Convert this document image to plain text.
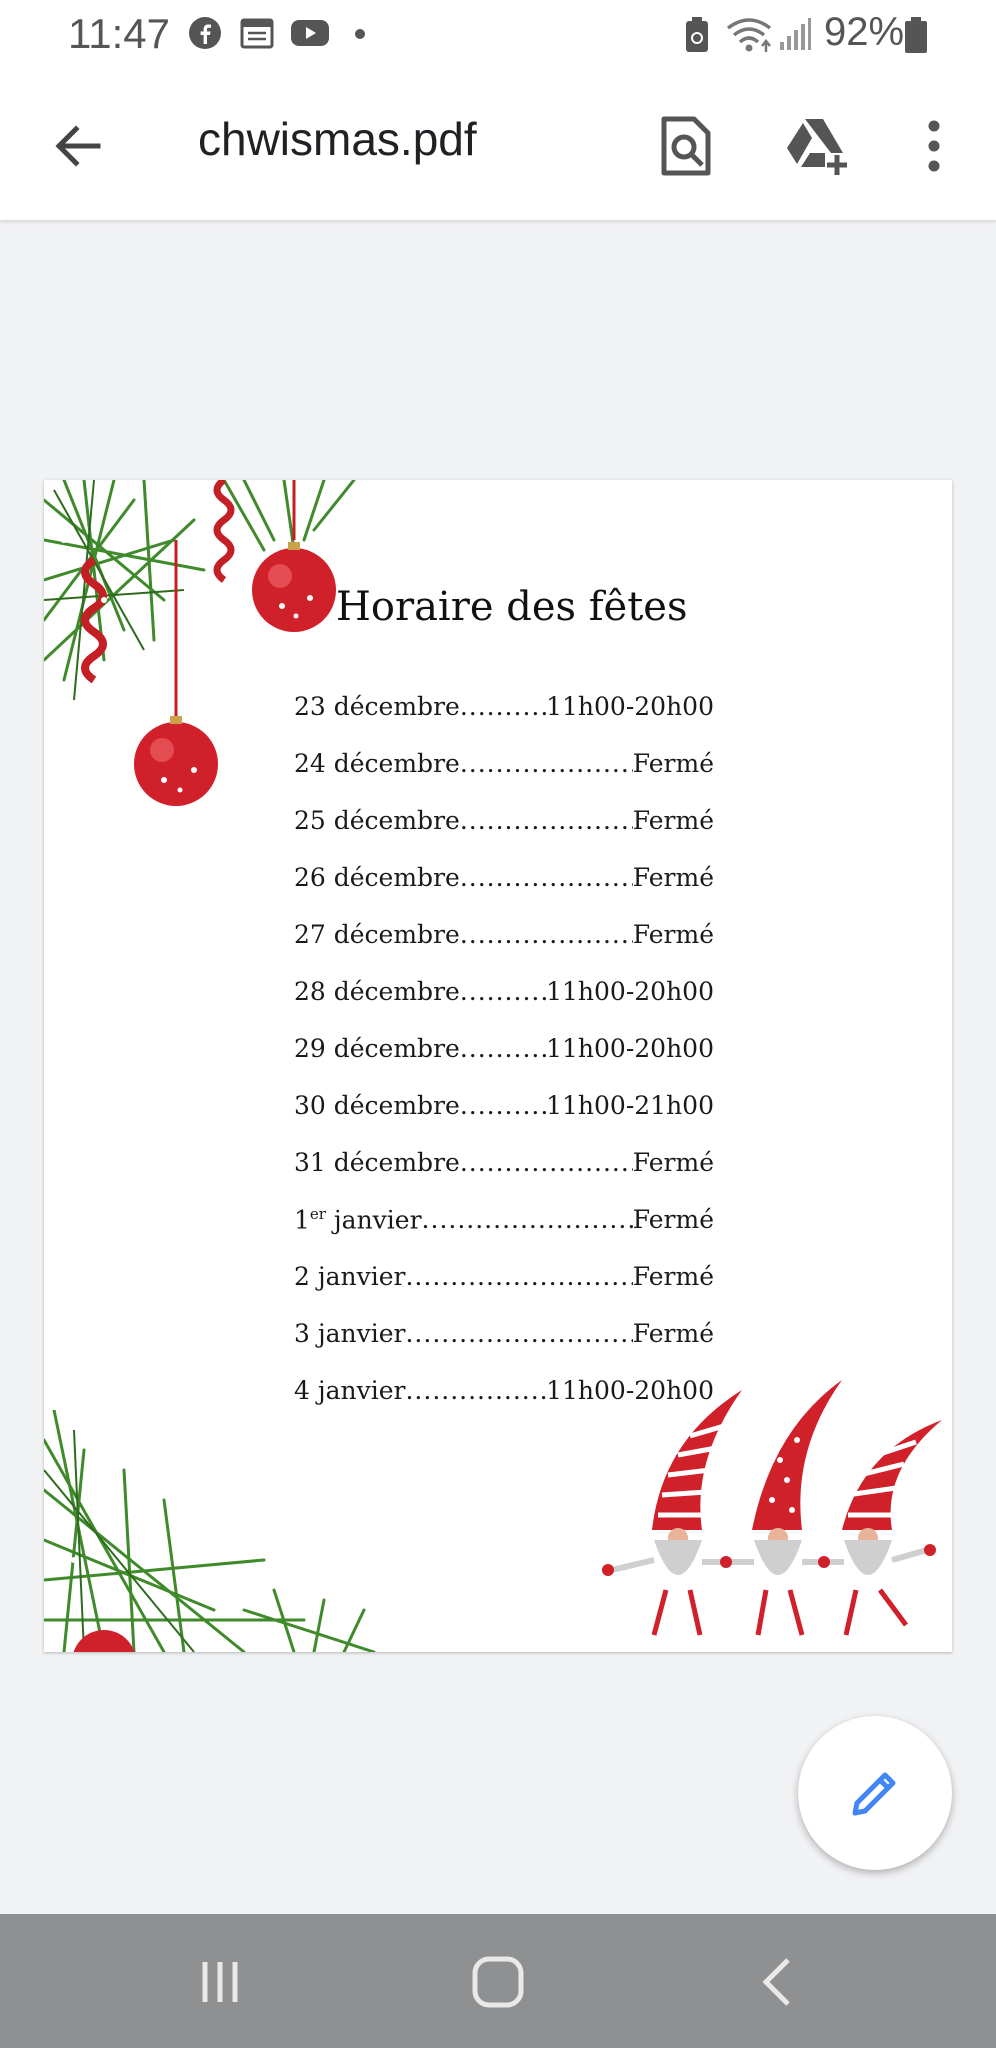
11:47	92%
chwismas.pdf
Horaire des fêtes
23 décembre .....	11h00-20h00
24 décembre .....	Fermé
25 décembre .....	Fermé
26 décembre .....	Fermé
27 décembre .....	Fermé
28 décembre .....	11h00-20h00
29 décembre .....	11h00-20h00
30 décembre .....	11h00-21h00
31 décembre .....	Fermé
1er janvier .....	Fermé
2 janvier .....	Fermé
3 janvier .....	Fermé
4 janvier .....	11h00-20h00
